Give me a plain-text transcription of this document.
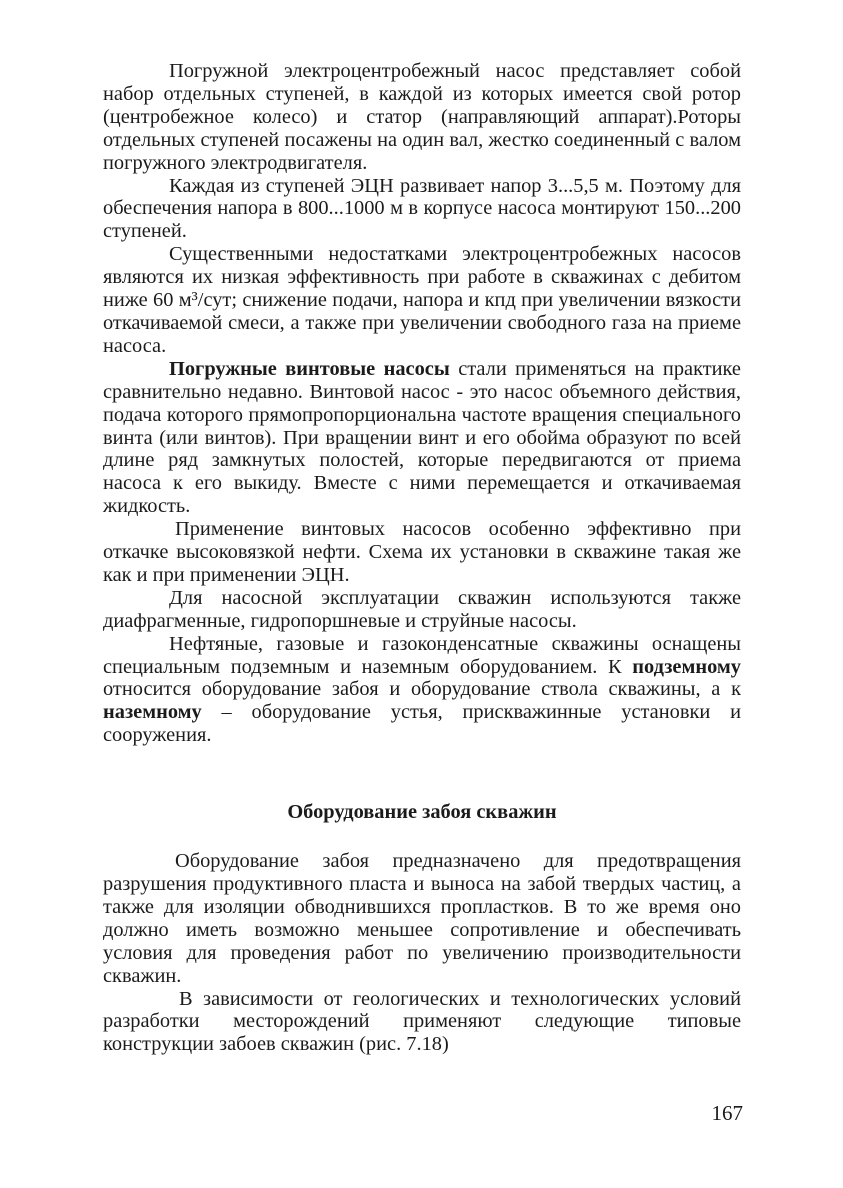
Погружной электроцентробежный насос представляет собой набор отдельных ступеней, в каждой из которых имеется свой ротор (центробежное колесо) и статор (направляющий аппарат).Роторы отдельных ступеней посажены на один вал, жестко соединенный с валом погружного электродвигателя.

Каждая из ступеней ЭЦН развивает напор 3...5,5 м. Поэтому для обеспечения напора в 800...1000 м в корпусе насоса монтируют 150...200 ступеней.

Существенными недостатками электроцентробежных насосов являются их низкая эффективность при работе в скважинах с дебитом ниже 60 м³/сут; снижение подачи, напора и кпд при увеличении вязкости откачиваемой смеси, а также при увеличении свободного газа на приеме насоса.

Погружные винтовые насосы стали применяться на практике сравнительно недавно. Винтовой насос - это насос объемного действия, подача которого прямопропорциональна частоте вращения специального винта (или винтов). При вращении винт и его обойма образуют по всей длине ряд замкнутых полостей, которые передвигаются от приема насоса к его выкиду. Вместе с ними перемещается и откачиваемая жидкость.

Применение винтовых насосов особенно эффективно при откачке высоковязкой нефти. Схема их установки в скважине такая же как и при применении ЭЦН.

Для насосной эксплуатации скважин используются также диафрагменные, гидропоршневые и струйные насосы.

Нефтяные, газовые и газоконденсатные скважины оснащены специальным подземным и наземным оборудованием. К подземному относится оборудование забоя и оборудование ствола скважины, а к наземному – оборудование устья, прискважинные установки и сооружения.

Оборудование забоя скважин

Оборудование забоя предназначено для предотвращения разрушения продуктивного пласта и выноса на забой твердых частиц, а также для изоляции обводнившихся пропластков. В то же время оно должно иметь возможно меньшее сопротивление и обеспечивать условия для проведения работ по увеличению производительности скважин.

В зависимости от геологических и технологических условий разработки месторождений применяют следующие типовые конструкции забоев скважин (рис. 7.18)

167
